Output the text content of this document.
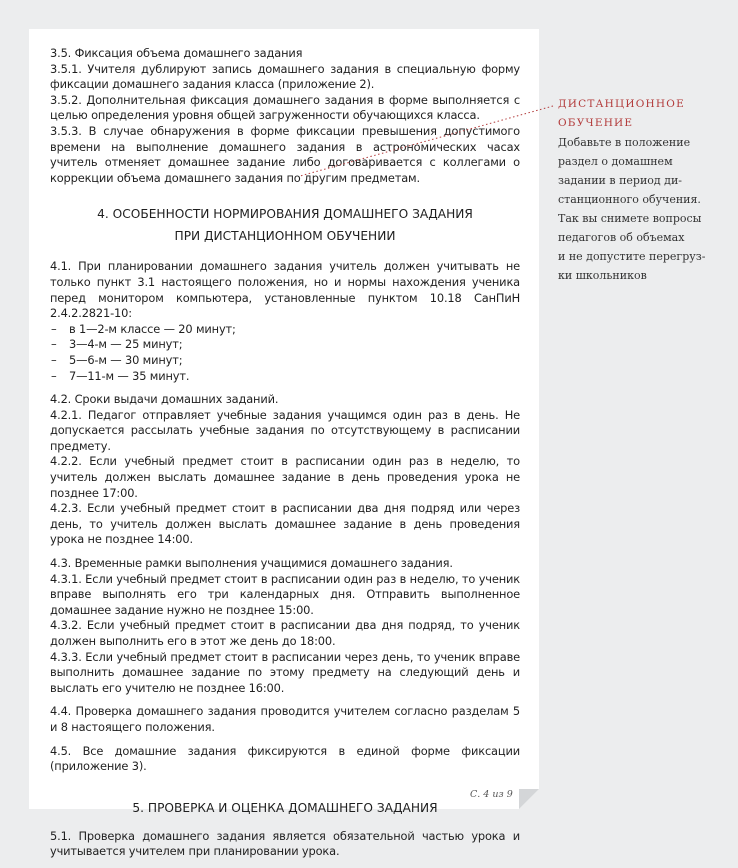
3.5. Фиксация объема домашнего задания

3.5.1. Учителя дублируют запись домашнего задания в специальную форму фиксации домашнего задания класса (приложение 2).

3.5.2. Дополнительная фиксация домашнего задания в форме выполняется с целью определения уровня общей загруженности обучающихся класса.

3.5.3. В случае обнаружения в форме фиксации превышения допустимого времени на выполнение домашнего задания в астрономических часах учитель отменяет домашнее задание либо договаривается с коллегами о коррекции объема домашнего задания по другим предметам.

4. ОСОБЕННОСТИ НОРМИРОВАНИЯ ДОМАШНЕГО ЗАДАНИЯ
ПРИ ДИСТАНЦИОННОМ ОБУЧЕНИИ

4.1. При планировании домашнего задания учитель должен учитывать не только пункт 3.1 настоящего положения, но и нормы нахождения ученика перед монитором компьютера, установленные пунктом 10.18 СанПиН 2.4.2.2821-10:

– в 1—2-м классе — 20 минут;
– 3—4-м — 25 минут;
– 5—6-м — 30 минут;
– 7—11-м — 35 минут.

4.2. Сроки выдачи домашних заданий.

4.2.1. Педагог отправляет учебные задания учащимся один раз в день. Не допускается рассылать учебные задания по отсутствующему в расписании предмету.

4.2.2. Если учебный предмет стоит в расписании один раз в неделю, то учитель должен выслать домашнее задание в день проведения урока не позднее 17:00.

4.2.3. Если учебный предмет стоит в расписании два дня подряд или через день, то учитель должен выслать домашнее задание в день проведения урока не позднее 14:00.

4.3. Временные рамки выполнения учащимися домашнего задания.

4.3.1. Если учебный предмет стоит в расписании один раз в неделю, то ученик вправе выполнять его три календарных дня. Отправить выполненное домашнее задание нужно не позднее 15:00.

4.3.2. Если учебный предмет стоит в расписании два дня подряд, то ученик должен выполнить его в этот же день до 18:00.

4.3.3. Если учебный предмет стоит в расписании через день, то ученик вправе выполнить домашнее задание по этому предмету на следующий день и выслать его учителю не позднее 16:00.

4.4. Проверка домашнего задания проводится учителем согласно разделам 5 и 8 настоящего положения.

4.5. Все домашние задания фиксируются в единой форме фиксации (приложение 3).

5. ПРОВЕРКА И ОЦЕНКА ДОМАШНЕГО ЗАДАНИЯ

5.1. Проверка домашнего задания является обязательной частью урока и учитывается учителем при планировании урока.

С. 4 из 9
ДИСТАНЦИОННОЕ
ОБУЧЕНИЕ
Добавьте в положение
раздел о домашнем
задании в период ди-
станционного обучения.
Так вы снимете вопросы
педагогов об объемах
и не допустите перегруз-
ки школьников
